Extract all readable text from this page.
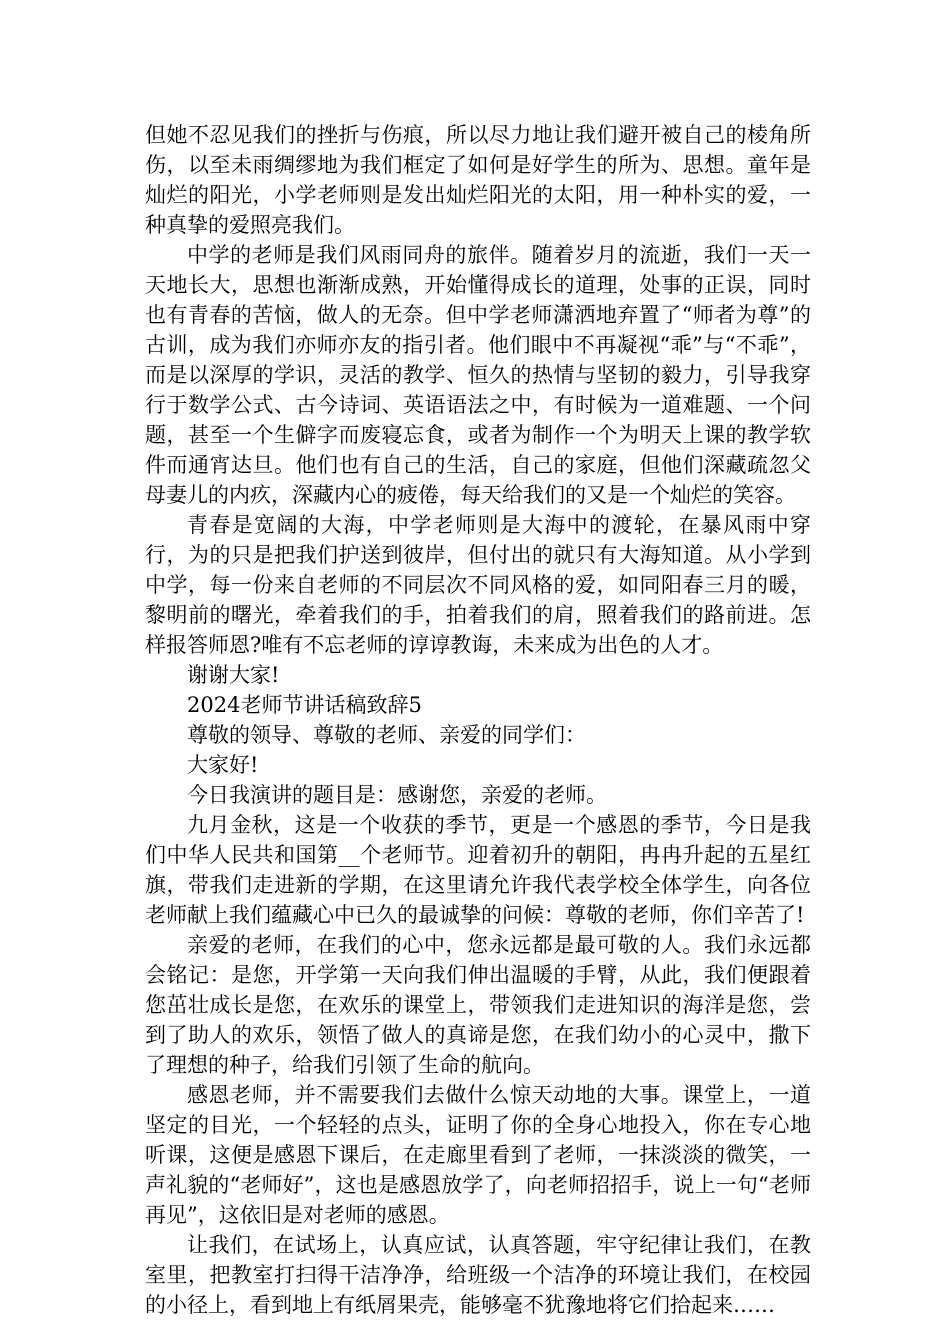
但她不忍见我们的挫折与伤痕，所以尽力地让我们避开被自己的棱角所伤，以至未雨绸缪地为我们框定了如何是好学生的所为、思想。童年是灿烂的阳光，小学老师则是发出灿烂阳光的太阳，用一种朴实的爱，一种真挚的爱照亮我们。

中学的老师是我们风雨同舟的旅伴。随着岁月的流逝，我们一天一天地长大，思想也渐渐成熟，开始懂得成长的道理，处事的正误，同时也有青春的苦恼，做人的无奈。但中学老师潇洒地弃置了“师者为尊”的古训，成为我们亦师亦友的指引者。他们眼中不再凝视“乖”与“不乖”，而是以深厚的学识，灵活的教学、恒久的热情与坚韧的毅力，引导我穿行于数学公式、古今诗词、英语语法之中，有时候为一道难题、一个问题，甚至一个生僻字而废寝忘食，或者为制作一个为明天上课的教学软件而通宵达旦。他们也有自己的生活，自己的家庭，但他们深藏疏忽父母妻儿的内疚，深藏内心的疲倦，每天给我们的又是一个灿烂的笑容。

青春是宽阔的大海，中学老师则是大海中的渡轮，在暴风雨中穿行，为的只是把我们护送到彼岸，但付出的就只有大海知道。从小学到中学，每一份来自老师的不同层次不同风格的爱，如同阳春三月的暖，黎明前的曙光，牵着我们的手，拍着我们的肩，照着我们的路前进。怎样报答师恩?唯有不忘老师的谆谆教诲，未来成为出色的人才。

谢谢大家!

2024老师节讲话稿致辞5

尊敬的领导、尊敬的老师、亲爱的同学们：

大家好!

今日我演讲的题目是：感谢您，亲爱的老师。

九月金秋，这是一个收获的季节，更是一个感恩的季节，今日是我们中华人民共和国第__个老师节。迎着初升的朝阳，冉冉升起的五星红旗，带我们走进新的学期，在这里请允许我代表学校全体学生，向各位老师献上我们蕴藏心中已久的最诚挚的问候：尊敬的老师，你们辛苦了!

亲爱的老师，在我们的心中，您永远都是最可敬的人。我们永远都会铭记：是您，开学第一天向我们伸出温暖的手臂，从此，我们便跟着您茁壮成长是您，在欢乐的课堂上，带领我们走进知识的海洋是您，尝到了助人的欢乐，领悟了做人的真谛是您，在我们幼小的心灵中，撒下了理想的种子，给我们引领了生命的航向。

感恩老师，并不需要我们去做什么惊天动地的大事。课堂上，一道坚定的目光，一个轻轻的点头，证明了你的全身心地投入，你在专心地听课，这便是感恩下课后，在走廊里看到了老师，一抹淡淡的微笑，一声礼貌的“老师好”，这也是感恩放学了，向老师招招手，说上一句“老师再见”，这依旧是对老师的感恩。

让我们，在试场上，认真应试，认真答题，牢守纪律让我们，在教室里，把教室打扫得干洁净净，给班级一个洁净的环境让我们，在校园的小径上，看到地上有纸屑果壳，能够毫不犹豫地将它们拾起来……
